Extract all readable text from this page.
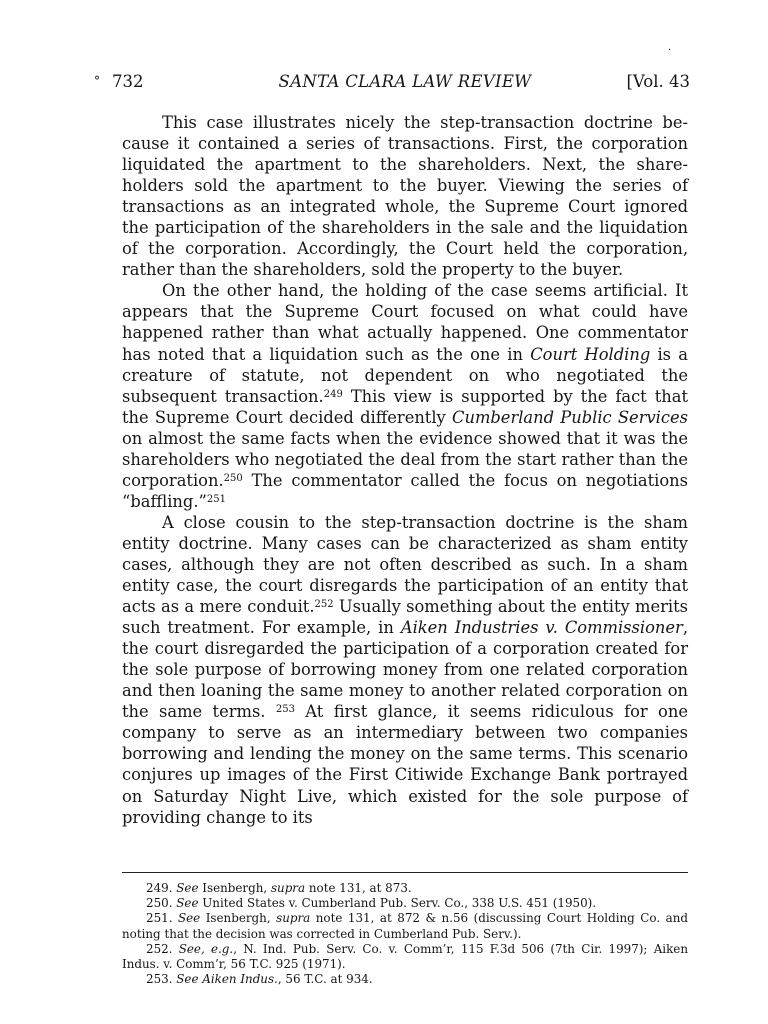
.
° 732	SANTA CLARA LAW REVIEW	[Vol. 43

This case illustrates nicely the step-transaction doctrine because it contained a series of transactions. First, the corporation liquidated the apartment to the shareholders. Next, the shareholders sold the apartment to the buyer. Viewing the series of transactions as an integrated whole, the Supreme Court ignored the participation of the shareholders in the sale and the liquidation of the corporation. Accordingly, the Court held the corporation, rather than the shareholders, sold the property to the buyer.

On the other hand, the holding of the case seems artificial. It appears that the Supreme Court focused on what could have happened rather than what actually happened. One commentator has noted that a liquidation such as the one in Court Holding is a creature of statute, not dependent on who negotiated the subsequent transaction.$^{249}$ This view is supported by the fact that the Supreme Court decided differently Cumberland Public Services on almost the same facts when the evidence showed that it was the shareholders who negotiated the deal from the start rather than the corporation.$^{250}$ The commentator called the focus on negotiations “baffling.”$^{251}$

A close cousin to the step-transaction doctrine is the sham entity doctrine. Many cases can be characterized as sham entity cases, although they are not often described as such. In a sham entity case, the court disregards the participation of an entity that acts as a mere conduit.$^{252}$ Usually something about the entity merits such treatment. For example, in Aiken Industries v. Commissioner, the court disregarded the participation of a corporation created for the sole purpose of borrowing money from one related corporation and then loaning the same money to another related corporation on the same terms. $^{253}$ At first glance, it seems ridiculous for one company to serve as an intermediary between two companies borrowing and lending the money on the same terms. This scenario conjures up images of the First Citiwide Exchange Bank portrayed on Saturday Night Live, which existed for the sole purpose of providing change to its

249. See Isenbergh, supra note 131, at 873.

250. See United States v. Cumberland Pub. Serv. Co., 338 U.S. 451 (1950).

251. See Isenbergh, supra note 131, at 872 & n.56 (discussing Court Holding Co. and noting that the decision was corrected in Cumberland Pub. Serv.).

252. See, e.g., N. Ind. Pub. Serv. Co. v. Comm’r, 115 F.3d 506 (7th Cir. 1997); Aiken Indus. v. Comm’r, 56 T.C. 925 (1971).

253. See Aiken Indus., 56 T.C. at 934.
